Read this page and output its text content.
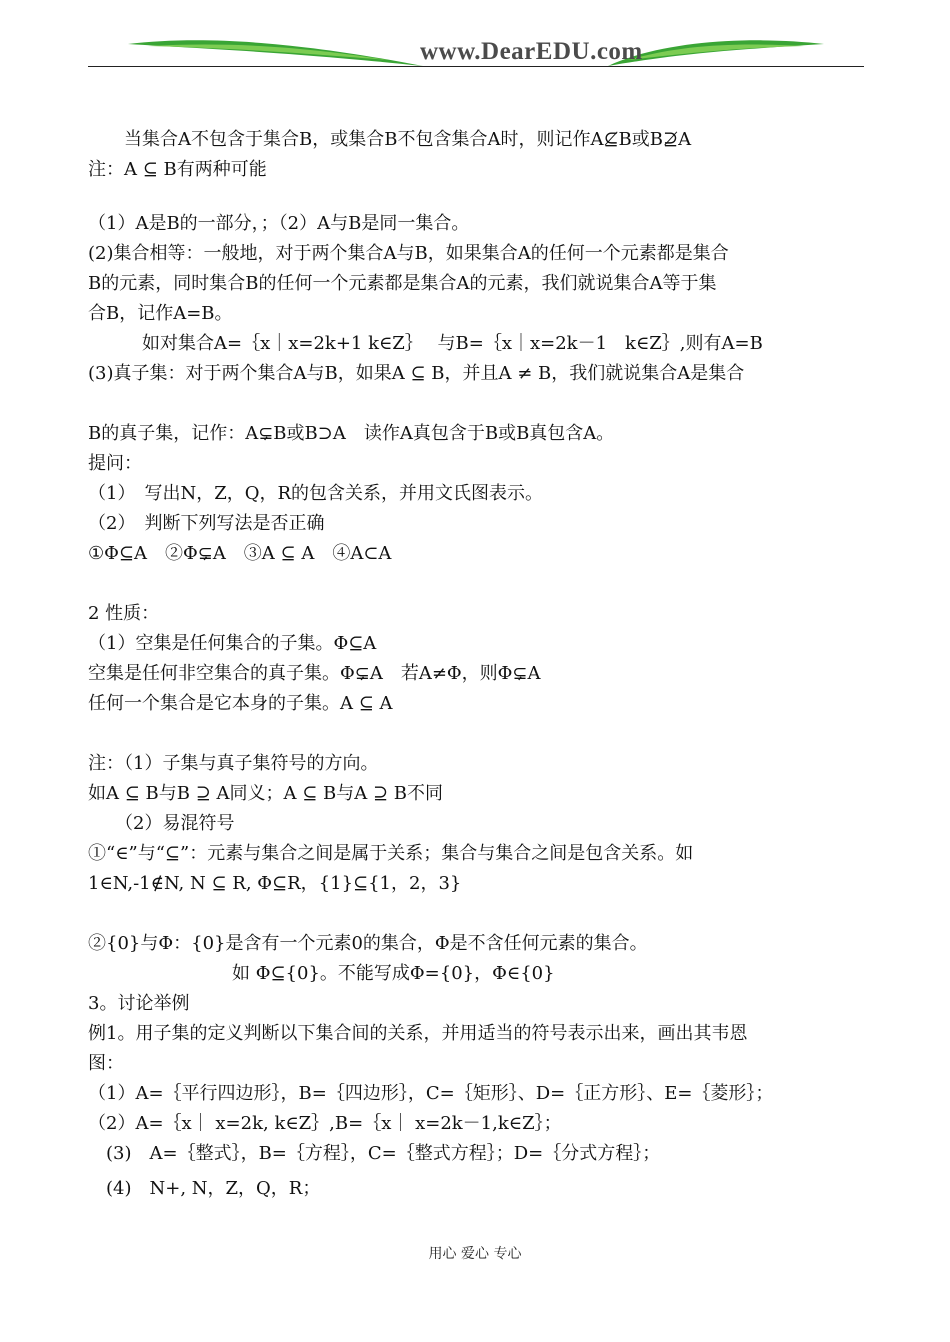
www.DearEDU.com
　　当集合A不包含于集合B，或集合B不包含集合A时，则记作A⊈B或B⊉A
注：A ⊆ B有两种可能
（1）A是B的一部分，；（2）A与B是同一集合。
(2)集合相等：一般地，对于两个集合A与B，如果集合A的任何一个元素都是集合
B的元素，同时集合B的任何一个元素都是集合A的元素，我们就说集合A等于集
合B，记作A=B。
　　　如对集合A=｛x｜x=2k+1 k∈Z｝　 与B=｛x｜x=2k－1　k∈Z｝,则有A=B
(3)真子集：对于两个集合A与B，如果A ⊆ B，并且A ≠ B，我们就说集合A是集合
B的真子集，记作：A⊊B或B⊃A　读作A真包含于B或B真包含A。
提问：
（1）　写出N，Z，Q，R的包含关系，并用文氏图表示。
（2）　判断下列写法是否正确
①Φ⊆A　②Φ⊊A　③A ⊆ A　④A⊂A
2 性质：
（1）空集是任何集合的子集。Φ⊆A
空集是任何非空集合的真子集。Φ⊊A　若A≠Φ，则Φ⊊A
任何一个集合是它本身的子集。A ⊆ A
注：（1）子集与真子集符号的方向。
如A ⊆ B与B ⊇ A同义；A ⊆ B与A ⊇ B不同
　　（2）易混符号
①“∈”与“⊆”：元素与集合之间是属于关系；集合与集合之间是包含关系。如
1∈N,-1∉N, N ⊆ R, Φ⊆R，{1}⊆{1，2，3}
②{0}与Φ：{0}是含有一个元素0的集合，Φ是不含任何元素的集合。
　　　　　　　　如 Φ⊆{0}。不能写成Φ={0}，Φ∈{0}
3。讨论举例
例1。用子集的定义判断以下集合间的关系，并用适当的符号表示出来，画出其韦恩
图：
（1）A=｛平行四边形｝，B=｛四边形｝，C=｛矩形｝、D=｛正方形｝、E=｛菱形｝；
（2）A=｛x｜ x=2k, k∈Z｝,B=｛x｜ x=2k－1,k∈Z｝；
　(3)　A=｛整式｝，B=｛方程｝，C=｛整式方程｝；D=｛分式方程｝；
　(4)　N+, N，Z，Q，R；
用心 爱心 专心
